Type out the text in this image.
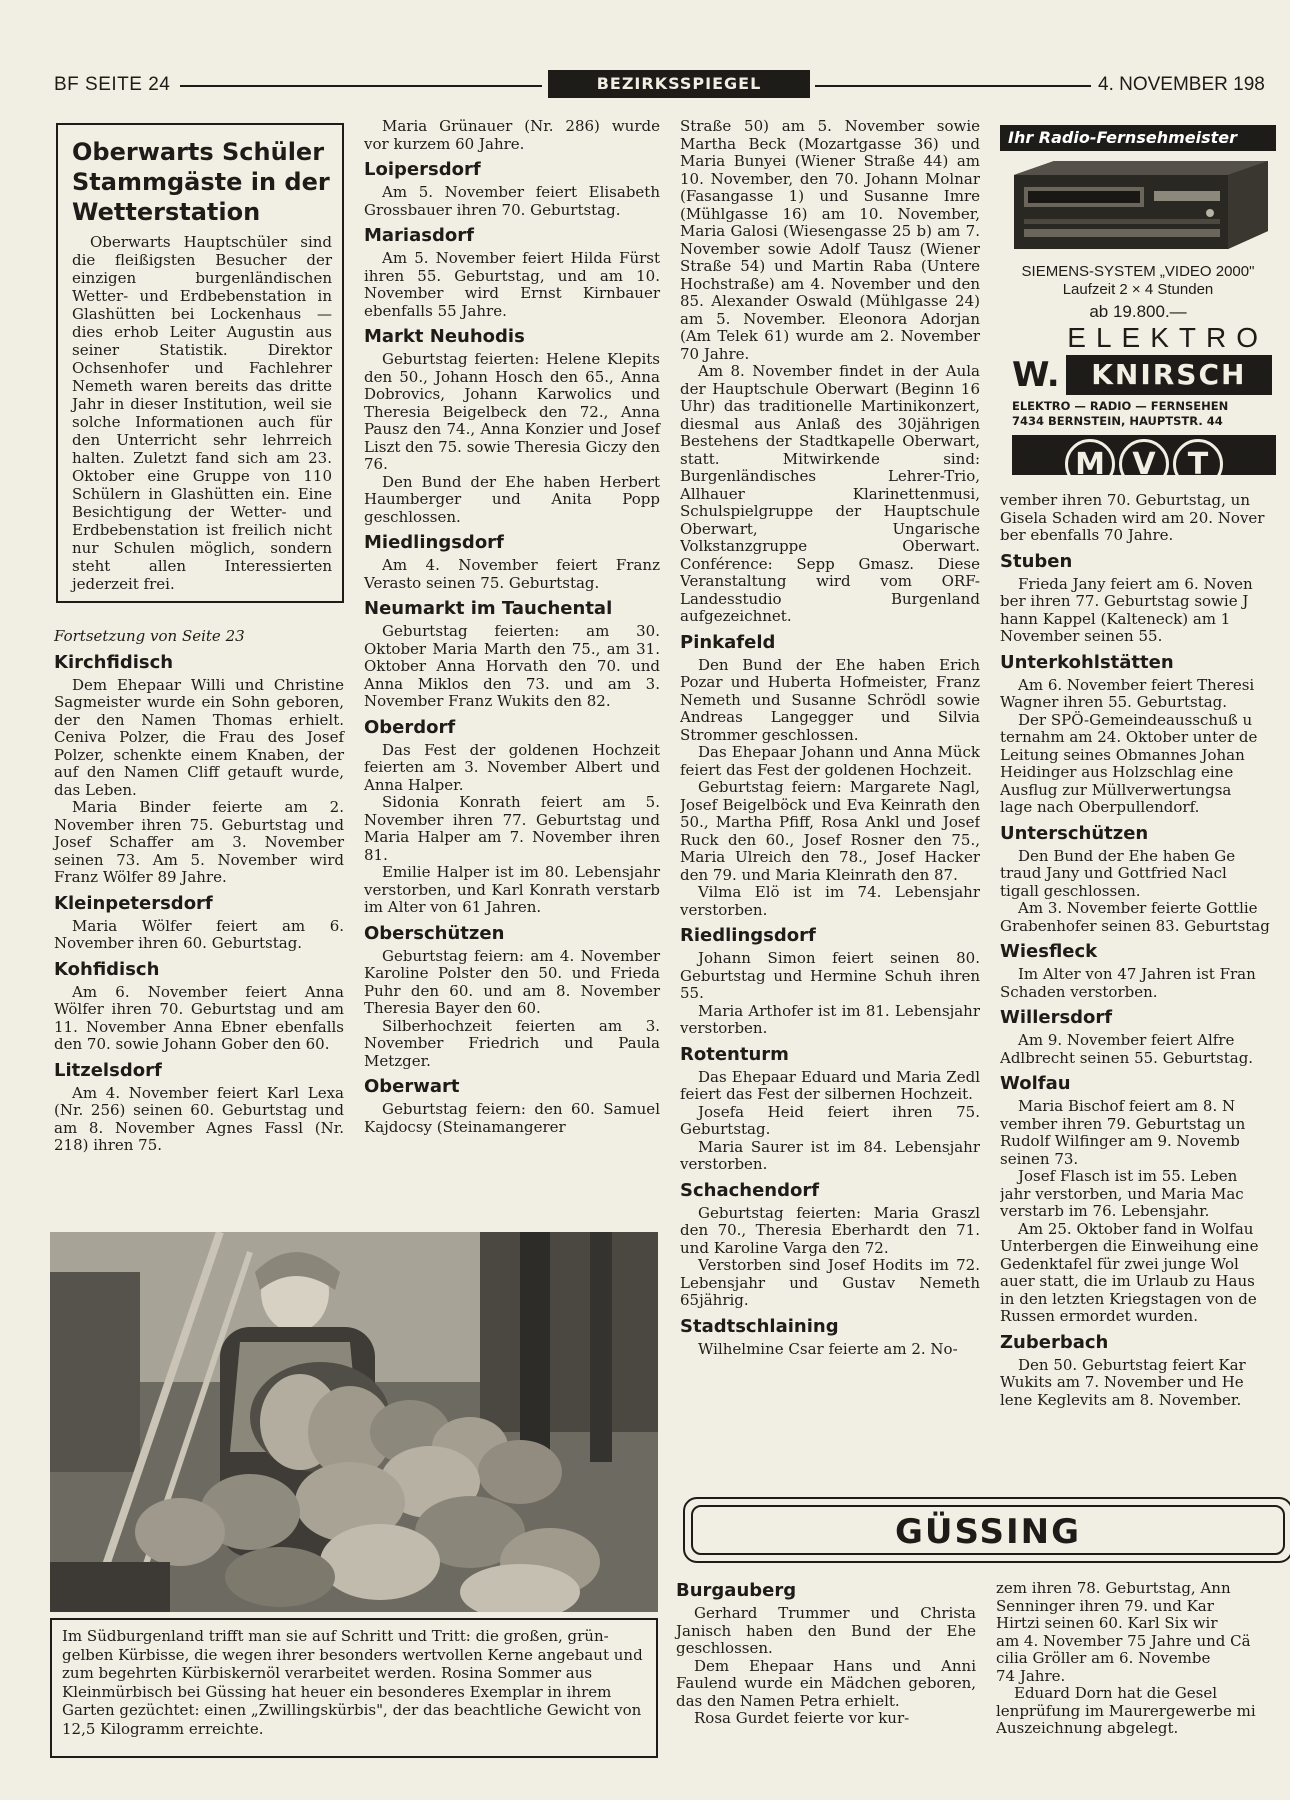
BF SEITE 24	BEZIRKSSPIEGEL	4. NOVEMBER 198
Oberwarts Schüler Stammgäste in der Wetterstation
Oberwarts Hauptschüler sind die fleißigsten Besucher der einzigen burgenländischen Wetter- und Erdbebenstation in Glashütten bei Lockenhaus — dies erhob Leiter Augustin aus seiner Statistik. Direktor Ochsenhofer und Fachlehrer Nemeth waren bereits das dritte Jahr in dieser Institution, weil sie solche Informationen auch für den Unterricht sehr lehrreich halten. Zuletzt fand sich am 23. Oktober eine Gruppe von 110 Schülern in Glashütten ein. Eine Besichtigung der Wetter- und Erdbebenstation ist freilich nicht nur Schulen möglich, sondern steht allen Interessierten jederzeit frei.
Fortsetzung von Seite 23
Kirchfidisch

Dem Ehepaar Willi und Christine Sagmeister wurde ein Sohn geboren, der den Namen Thomas erhielt. Ceniva Polzer, die Frau des Josef Polzer, schenkte einem Knaben, der auf den Namen Cliff getauft wurde, das Leben.

Maria Binder feierte am 2. November ihren 75. Geburtstag und Josef Schaffer am 3. November seinen 73. Am 5. November wird Franz Wölfer 89 Jahre.

Kleinpetersdorf

Maria Wölfer feiert am 6. November ihren 60. Geburtstag.

Kohfidisch

Am 6. November feiert Anna Wölfer ihren 70. Geburtstag und am 11. November Anna Ebner ebenfalls den 70. sowie Johann Gober den 60.

Litzelsdorf

Am 4. November feiert Karl Lexa (Nr. 256) seinen 60. Geburtstag und am 8. November Agnes Fassl (Nr. 218) ihren 75.

Maria Grünauer (Nr. 286) wurde vor kurzem 60 Jahre.

Loipersdorf

Am 5. November feiert Elisabeth Grossbauer ihren 70. Geburtstag.

Mariasdorf

Am 5. November feiert Hilda Fürst ihren 55. Geburtstag, und am 10. November wird Ernst Kirnbauer ebenfalls 55 Jahre.

Markt Neuhodis

Geburtstag feierten: Helene Klepits den 50., Johann Hosch den 65., Anna Dobrovics, Johann Karwolics und Theresia Beigelbeck den 72., Anna Pausz den 74., Anna Konzier und Josef Liszt den 75. sowie Theresia Giczy den 76.

Den Bund der Ehe haben Herbert Haumberger und Anita Popp geschlossen.

Miedlingsdorf

Am 4. November feiert Franz Verasto seinen 75. Geburtstag.

Neumarkt im Tauchental

Geburtstag feierten: am 30. Oktober Maria Marth den 75., am 31. Oktober Anna Horvath den 70. und Anna Miklos den 73. und am 3. November Franz Wukits den 82.

Oberdorf

Das Fest der goldenen Hochzeit feierten am 3. November Albert und Anna Halper.

Sidonia Konrath feiert am 5. November ihren 77. Geburtstag und Maria Halper am 7. November ihren 81.

Emilie Halper ist im 80. Lebensjahr verstorben, und Karl Konrath verstarb im Alter von 61 Jahren.

Oberschützen

Geburtstag feiern: am 4. November Karoline Polster den 50. und Frieda Puhr den 60. und am 8. November Theresia Bayer den 60.

Silberhochzeit feierten am 3. November Friedrich und Paula Metzger.

Oberwart

Geburtstag feiern: den 60. Samuel Kajdocsy (Steinamangerer

Straße 50) am 5. November sowie Martha Beck (Mozartgasse 36) und Maria Bunyei (Wiener Straße 44) am 10. November, den 70. Johann Molnar (Fasangasse 1) und Susanne Imre (Mühlgasse 16) am 10. November, Maria Galosi (Wiesengasse 25 b) am 7. November sowie Adolf Tausz (Wiener Straße 54) und Martin Raba (Untere Hochstraße) am 4. November und den 85. Alexander Oswald (Mühlgasse 24) am 5. November. Eleonora Adorjan (Am Telek 61) wurde am 2. November 70 Jahre.

Am 8. November findet in der Aula der Hauptschule Oberwart (Beginn 16 Uhr) das traditionelle Martinikonzert, diesmal aus Anlaß des 30jährigen Bestehens der Stadtkapelle Oberwart, statt. Mitwirkende sind: Burgenländisches Lehrer-Trio, Allhauer Klarinettenmusi, Schulspielgruppe der Hauptschule Oberwart, Ungarische Volkstanzgruppe Oberwart. Conférence: Sepp Gmasz. Diese Veranstaltung wird vom ORF-Landesstudio Burgenland aufgezeichnet.

Pinkafeld

Den Bund der Ehe haben Erich Pozar und Huberta Hofmeister, Franz Nemeth und Susanne Schrödl sowie Andreas Langegger und Silvia Strommer geschlossen.

Das Ehepaar Johann und Anna Mück feiert das Fest der goldenen Hochzeit.

Geburtstag feiern: Margarete Nagl, Josef Beigelböck und Eva Keinrath den 50., Martha Pfiff, Rosa Ankl und Josef Ruck den 60., Josef Rosner den 75., Maria Ulreich den 78., Josef Hacker den 79. und Maria Kleinrath den 87.

Vilma Elö ist im 74. Lebensjahr verstorben.

Riedlingsdorf

Johann Simon feiert seinen 80. Geburtstag und Hermine Schuh ihren 55.

Maria Arthofer ist im 81. Lebensjahr verstorben.

Rotenturm

Das Ehepaar Eduard und Maria Zedl feiert das Fest der silbernen Hochzeit.

Josefa Heid feiert ihren 75. Geburtstag.

Maria Saurer ist im 84. Lebensjahr verstorben.

Schachendorf

Geburtstag feierten: Maria Graszl den 70., Theresia Eberhardt den 71. und Karoline Varga den 72.

Verstorben sind Josef Hodits im 72. Lebensjahr und Gustav Nemeth 65jährig.

Stadtschlaining

Wilhelmine Csar feierte am 2. No-

Ihr Radio-Fernsehmeister
SIEMENS-SYSTEM „VIDEO 2000"
Laufzeit 2 × 4 Stunden
ab 19.800.—
ELEKTRO
W.	KNIRSCH
ELEKTRO — RADIO — FERNSEHEN
7434 BERNSTEIN, HAUPTSTR. 44
M V	T

vember ihren 70. Geburtstag, un

Gisela Schaden wird am 20. Nover

ber ebenfalls 70 Jahre.

Stuben

Frieda Jany feiert am 6. Noven

ber ihren 77. Geburtstag sowie J

hann Kappel (Kalteneck) am 1

November seinen 55.

Unterkohlstätten

Am 6. November feiert Theresi

Wagner ihren 55. Geburtstag.

Der SPÖ-Gemeindeausschuß u

ternahm am 24. Oktober unter de

Leitung seines Obmannes Johan

Heidinger aus Holzschlag eine

Ausflug zur Müllverwertungsa

lage nach Oberpullendorf.

Unterschützen

Den Bund der Ehe haben Ge

traud Jany und Gottfried Nacl

tigall geschlossen.

Am 3. November feierte Gottlie

Grabenhofer seinen 83. Geburtstag

Wiesfleck

Im Alter von 47 Jahren ist Fran

Schaden verstorben.

Willersdorf

Am 9. November feiert Alfre

Adlbrecht seinen 55. Geburtstag.

Wolfau

Maria Bischof feiert am 8. N

vember ihren 79. Geburtstag un

Rudolf Wilfinger am 9. Novemb

seinen 73.

Josef Flasch ist im 55. Leben

jahr verstorben, und Maria Mac

verstarb im 76. Lebensjahr.

Am 25. Oktober fand in Wolfau

Unterbergen die Einweihung eine

Gedenktafel für zwei junge Wol

auer statt, die im Urlaub zu Haus

in den letzten Kriegstagen von de

Russen ermordet wurden.

Zuberbach

Den 50. Geburtstag feiert Kar

Wukits am 7. November und He

lene Keglevits am 8. November.

GÜSSING
Burgauberg

Gerhard Trummer und Christa Janisch haben den Bund der Ehe geschlossen.

Dem Ehepaar Hans und Anni Faulend wurde ein Mädchen geboren, das den Namen Petra erhielt.

Rosa Gurdet feierte vor kur-

zem ihren 78. Geburtstag, Ann

Senninger ihren 79. und Kar

Hirtzi seinen 60. Karl Six wir

am 4. November 75 Jahre und Cä

cilia Gröller am 6. Novembe

74 Jahre.

Eduard Dorn hat die Gesel

lenprüfung im Maurergewerbe mi

Auszeichnung abgelegt.

Im Südburgenland trifft man sie auf Schritt und Tritt: die großen, grün-gelben Kürbisse, die wegen ihrer besonders wertvollen Kerne angebaut und zum begehrten Kürbiskernöl verarbeitet werden. Rosina Sommer aus Kleinmürbisch bei Güssing hat heuer ein besonderes Exemplar in ihrem Garten gezüchtet: einen „Zwillingskürbis", der das beachtliche Gewicht von 12,5 Kilogramm erreichte.
